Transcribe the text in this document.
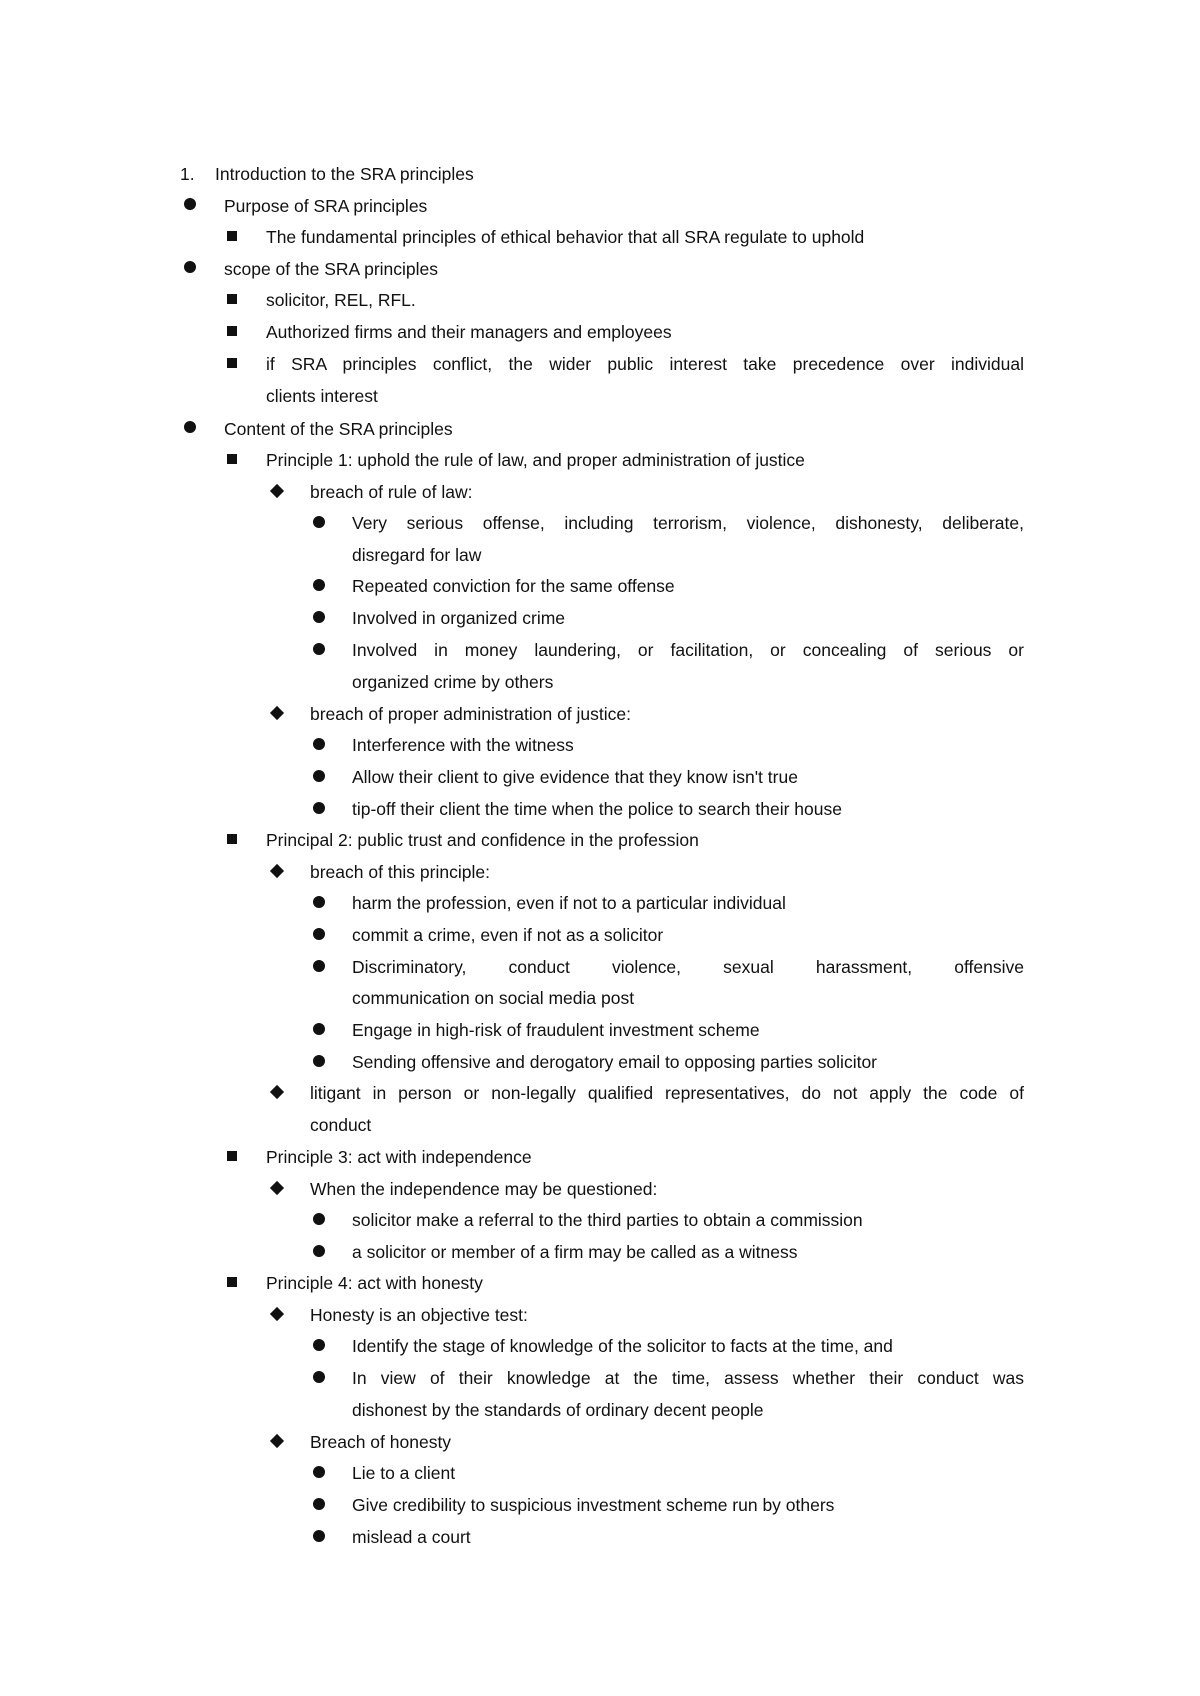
1. Introduction to the SRA principles
Purpose of SRA principles
The fundamental principles of ethical behavior that all SRA regulate to uphold
scope of the SRA principles
solicitor, REL, RFL.
Authorized firms and their managers and employees
if SRA principles conflict, the wider public interest take precedence over individual
clients interest
Content of the SRA principles
Principle 1: uphold the rule of law, and proper administration of justice
breach of rule of law:
Very serious offense, including terrorism, violence, dishonesty, deliberate,
disregard for law
Repeated conviction for the same offense
Involved in organized crime
Involved in money laundering, or facilitation, or concealing of serious or
organized crime by others
breach of proper administration of justice:
Interference with the witness
Allow their client to give evidence that they know isn't true
tip-off their client the time when the police to search their house
Principal 2: public trust and confidence in the profession
breach of this principle:
harm the profession, even if not to a particular individual
commit a crime, even if not as a solicitor
Discriminatory, conduct violence, sexual harassment, offensive
communication on social media post
Engage in high-risk of fraudulent investment scheme
Sending offensive and derogatory email to opposing parties solicitor
litigant in person or non-legally qualified representatives, do not apply the code of
conduct
Principle 3: act with independence
When the independence may be questioned:
solicitor make a referral to the third parties to obtain a commission
a solicitor or member of a firm may be called as a witness
Principle 4: act with honesty
Honesty is an objective test:
Identify the stage of knowledge of the solicitor to facts at the time, and
In view of their knowledge at the time, assess whether their conduct was
dishonest by the standards of ordinary decent people
Breach of honesty
Lie to a client
Give credibility to suspicious investment scheme run by others
mislead a court
